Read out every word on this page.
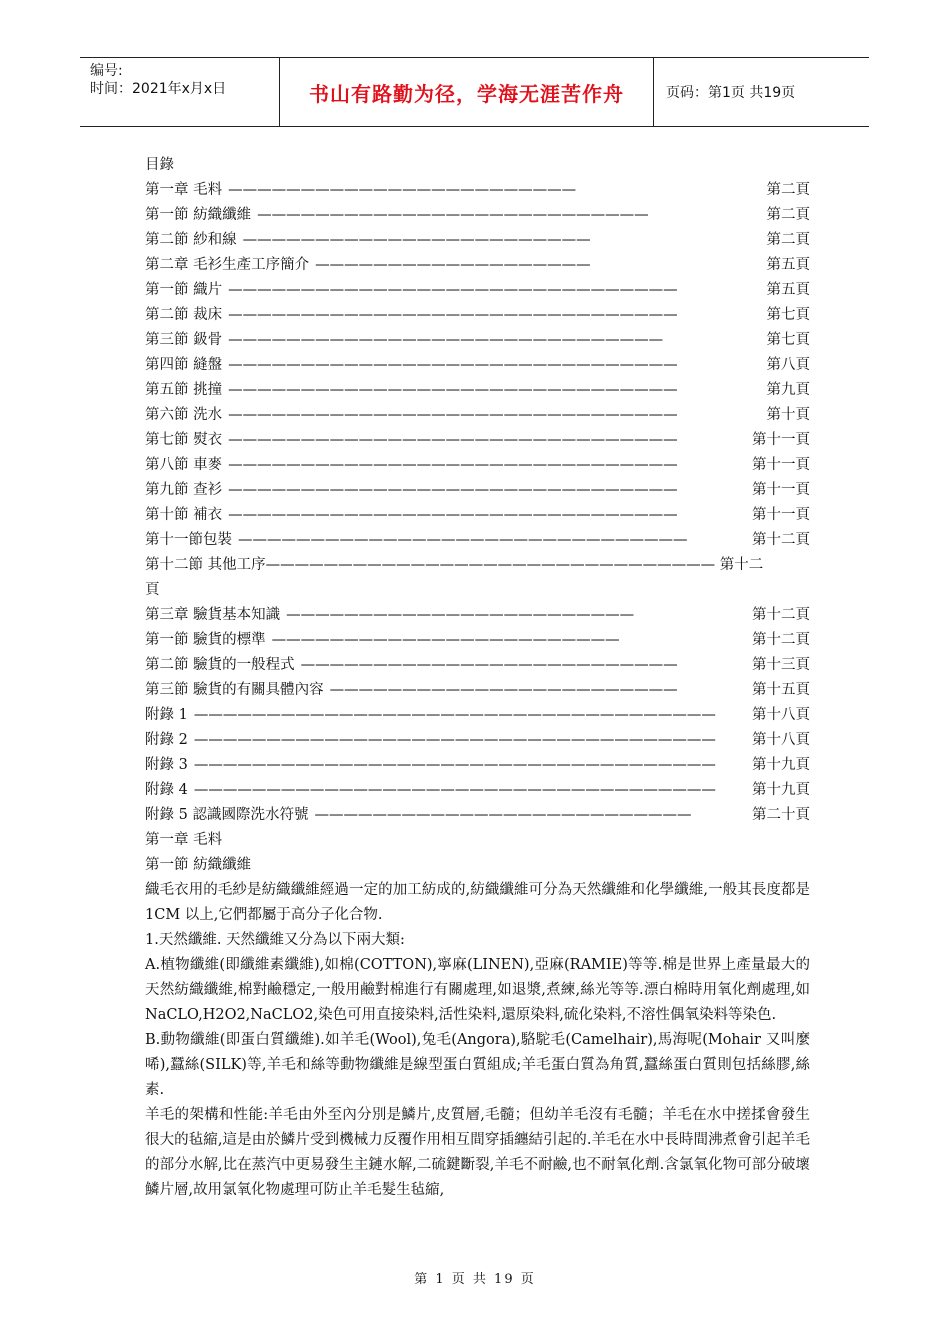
编号:
时间：2021年x月x日	书山有路勤为径，学海无涯苦作舟	页码：第1页 共19页

目錄

第一章 毛料 ————————————————————————	第二頁
第一節 紡織纖維 ———————————————————————————	第二頁
第二節 紗和線 ————————————————————————	第二頁
第二章 毛衫生產工序簡介 ———————————————————	第五頁
第一節 織片 ———————————————————————————————	第五頁
第二節 裁床 ———————————————————————————————	第七頁
第三節 鈒骨 ——————————————————————————————	第七頁
第四節 縫盤 ———————————————————————————————	第八頁
第五節 挑撞 ———————————————————————————————	第九頁
第六節 洗水 ———————————————————————————————	第十頁
第七節 熨衣 ———————————————————————————————	第十一頁
第八節 車麥 ———————————————————————————————	第十一頁
第九節 查衫 ———————————————————————————————	第十一頁
第十節 補衣 ———————————————————————————————	第十一頁
第十一節包裝 ———————————————————————————————	第十二頁

第十二節 其他工序——————————————————————————————— 第十二

頁

第三章 驗貨基本知識 ————————————————————————	第十二頁
第一節 驗貨的標準 ————————————————————————	第十二頁
第二節 驗貨的一般程式 ——————————————————————————	第十三頁
第三節 驗貨的有關具體內容 ————————————————————————	第十五頁
附錄 1 ————————————————————————————————————	第十八頁
附錄 2 ————————————————————————————————————	第十八頁
附錄 3 ————————————————————————————————————	第十九頁
附錄 4 ————————————————————————————————————	第十九頁
附錄 5 認識國際洗水符號 ——————————————————————————	第二十頁

第一章 毛料

第一節 紡織纖維

織毛衣用的毛紗是紡織纖維經過一定的加工紡成的,紡織纖維可分為天然纖維和化學纖維,一般其長度都是 1CM 以上,它們都屬于高分子化合物.

1.天然纖維. 天然纖維又分為以下兩大類:

A.植物纖維(即纖維素纖維),如棉(COTTON),寧麻(LINEN),亞麻(RAMIE)等等.棉是世界上產量最大的天然紡織纖維,棉對鹼穩定,一般用鹼對棉進行有關處理,如退漿,煮練,絲光等等.漂白棉時用氧化劑處理,如 NaCLO,H2O2,NaCLO2,染色可用直接染料,活性染料,還原染料,硫化染料,不溶性偶氧染料等染色.

B.動物纖維(即蛋白質纖維).如羊毛(Wool),兔毛(Angora),駱駝毛(Camelhair),馬海呢(Mohair 又叫麼唏),蠶絲(SILK)等,羊毛和絲等動物纖維是線型蛋白質組成;羊毛蛋白質為角質,蠶絲蛋白質則包括絲膠,絲素.

羊毛的架構和性能:羊毛由外至內分別是鱗片,皮質層,毛髓；但幼羊毛沒有毛髓；羊毛在水中搓揉會發生很大的毡縮,這是由於鱗片受到機械力反覆作用相互間穿插纏結引起的.羊毛在水中長時間沸煮會引起羊毛的部分水解,比在蒸汽中更易發生主鏈水解,二硫鍵斷裂,羊毛不耐鹼,也不耐氧化劑.含氯氧化物可部分破壞鱗片層,故用氯氧化物處理可防止羊毛髮生毡縮,

第 1 页 共 19 页
